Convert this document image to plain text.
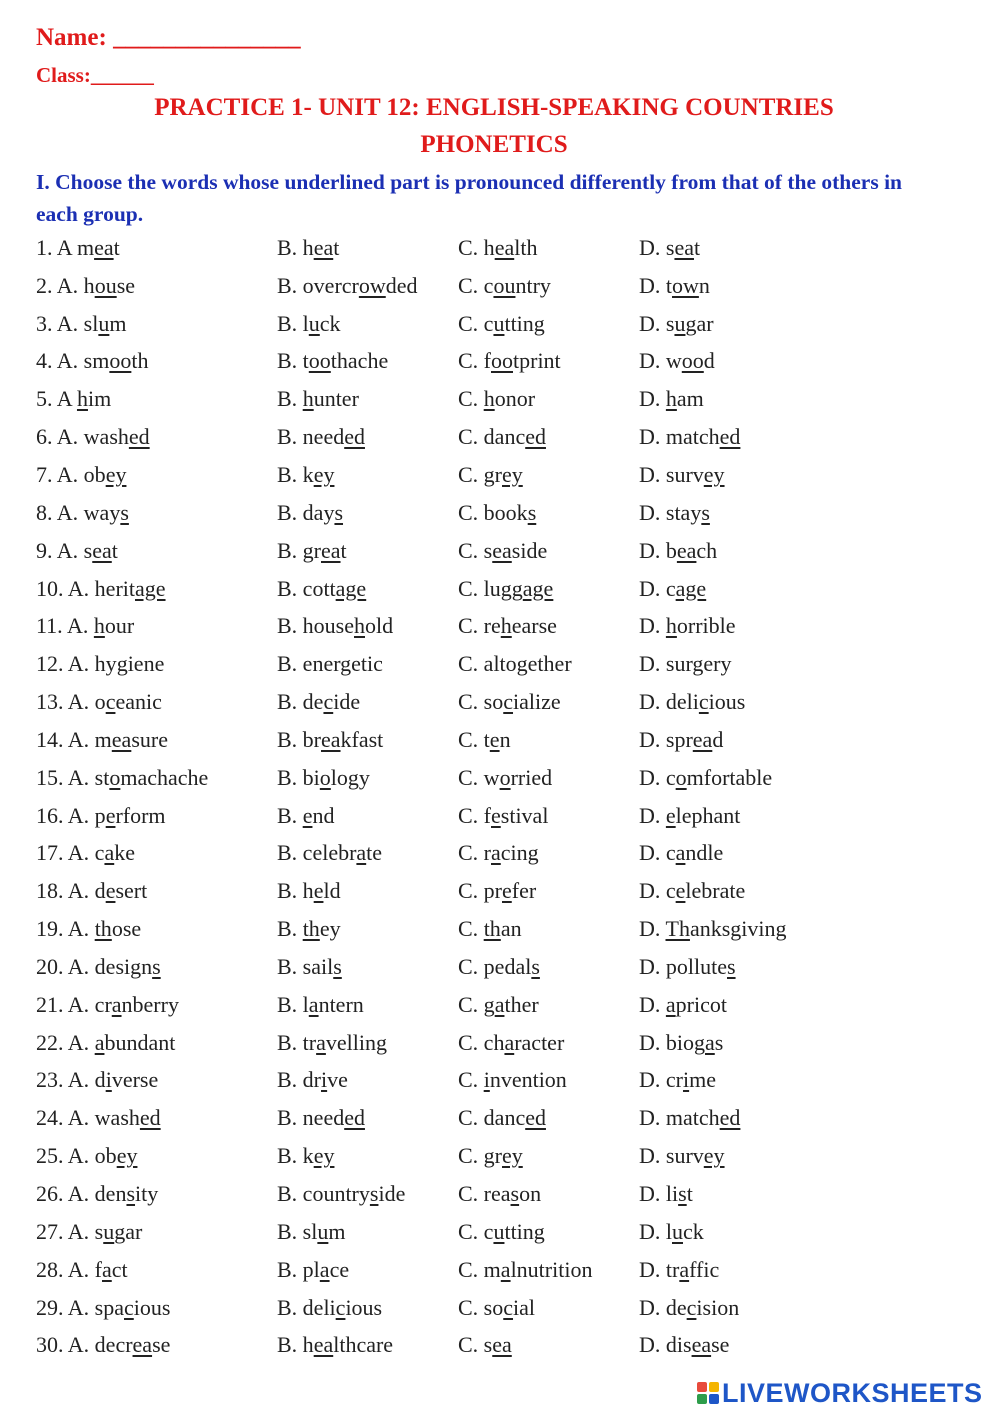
Name: _______________
Class:______
PRACTICE 1- UNIT 12: ENGLISH-SPEAKING COUNTRIES
PHONETICS
I. Choose the words whose underlined part is pronounced differently from that of the others in each group.
1. A meat	B. heat	C. health	D. seat
2. A. house	B. overcrowded	C. country	D. town
3. A. slum	B. luck	C. cutting	D. sugar
4. A. smooth	B. toothache	C. footprint	D. wood
5. A him	B. hunter	C. honor	D. ham
6. A. washed	B. needed	C. danced	D. matched
7. A. obey	B. key	C. grey	D. survey
8. A. ways	B. days	C. books	D. stays
9. A. seat	B. great	C. seaside	D. beach
10. A. heritage	B. cottage	C. luggage	D. cage
11. A. hour	B. household	C. rehearse	D. horrible
12. A. hygiene	B. energetic	C. altogether	D. surgery
13. A. oceanic	B. decide	C. socialize	D. delicious
14. A. measure	B. breakfast	C. ten	D. spread
15. A. stomachache	B. biology	C. worried	D. comfortable
16. A. perform	B. end	C. festival	D. elephant
17. A. cake	B. celebrate	C. racing	D. candle
18. A. desert	B. held	C. prefer	D. celebrate
19. A. those	B. they	C. than	D. Thanksgiving
20. A. designs	B. sails	C. pedals	D. pollutes
21. A. cranberry	B. lantern	C. gather	D. apricot
22. A. abundant	B. travelling	C. character	D. biogas
23. A. diverse	B. drive	C. invention	D. crime
24. A. washed	B. needed	C. danced	D. matched
25. A. obey	B. key	C. grey	D. survey
26. A. density	B. countryside	C. reason	D. list
27. A. sugar	B. slum	C. cutting	D. luck
28. A. fact	B. place	C. malnutrition	D. traffic
29. A. spacious	B. delicious	C. social	D. decision
30. A. decrease	B. healthcare	C. sea	D. disease
LIVEWORKSHEETS
